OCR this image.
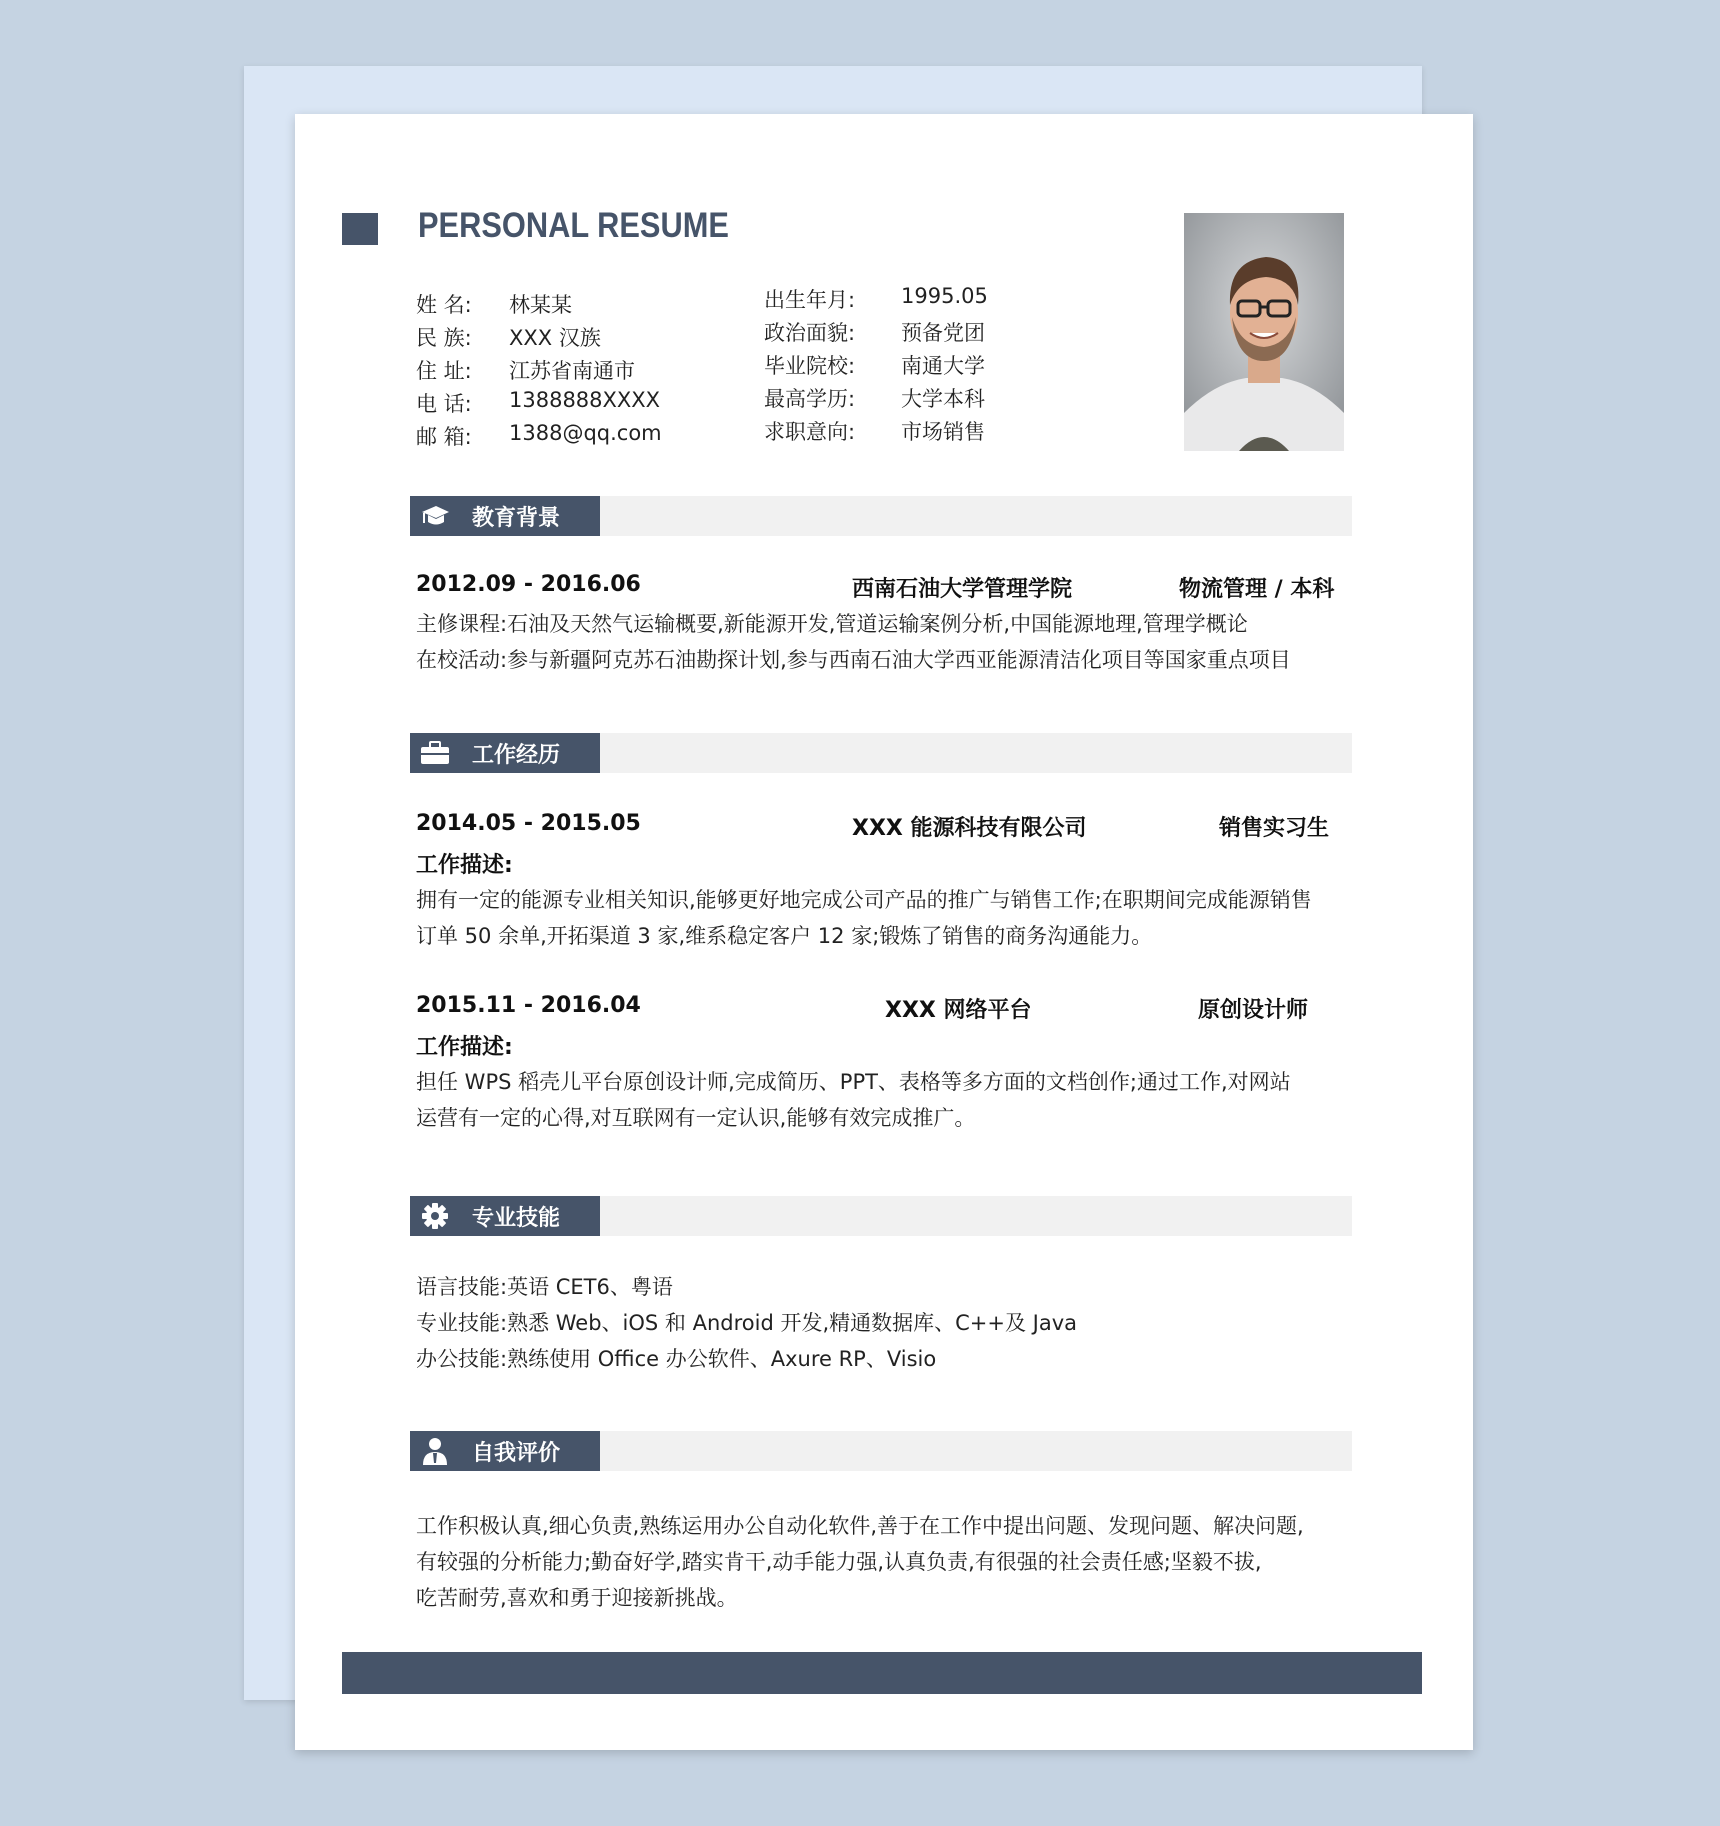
PERSONAL RESUME
姓 名:	林某某
民 族:	XXX 汉族
住 址:	江苏省南通市
电 话:	1388888XXXX
邮 箱:	1388@qq.com
出生年月:	1995.05
政治面貌:	预备党团
毕业院校:	南通大学
最高学历:	大学本科
求职意向:	市场销售
教育背景
2012.09 - 2016.06	西南石油大学管理学院	物流管理 / 本科
主修课程:石油及天然气运输概要,新能源开发,管道运输案例分析,中国能源地理,管理学概论
在校活动:参与新疆阿克苏石油勘探计划,参与西南石油大学西亚能源清洁化项目等国家重点项目
工作经历
2014.05 - 2015.05	XXX 能源科技有限公司	销售实习生
工作描述:
拥有一定的能源专业相关知识,能够更好地完成公司产品的推广与销售工作;在职期间完成能源销售
订单 50 余单,开拓渠道 3 家,维系稳定客户 12 家;锻炼了销售的商务沟通能力。
2015.11 - 2016.04	XXX 网络平台	原创设计师
工作描述:
担任 WPS 稻壳儿平台原创设计师,完成简历、PPT、表格等多方面的文档创作;通过工作,对网站
运营有一定的心得,对互联网有一定认识,能够有效完成推广。
专业技能
语言技能:英语 CET6、粤语
专业技能:熟悉 Web、iOS 和 Android 开发,精通数据库、C++及 Java
办公技能:熟练使用 Office 办公软件、Axure RP、Visio
自我评价
工作积极认真,细心负责,熟练运用办公自动化软件,善于在工作中提出问题、发现问题、解决问题,
有较强的分析能力;勤奋好学,踏实肯干,动手能力强,认真负责,有很强的社会责任感;坚毅不拔,
吃苦耐劳,喜欢和勇于迎接新挑战。
